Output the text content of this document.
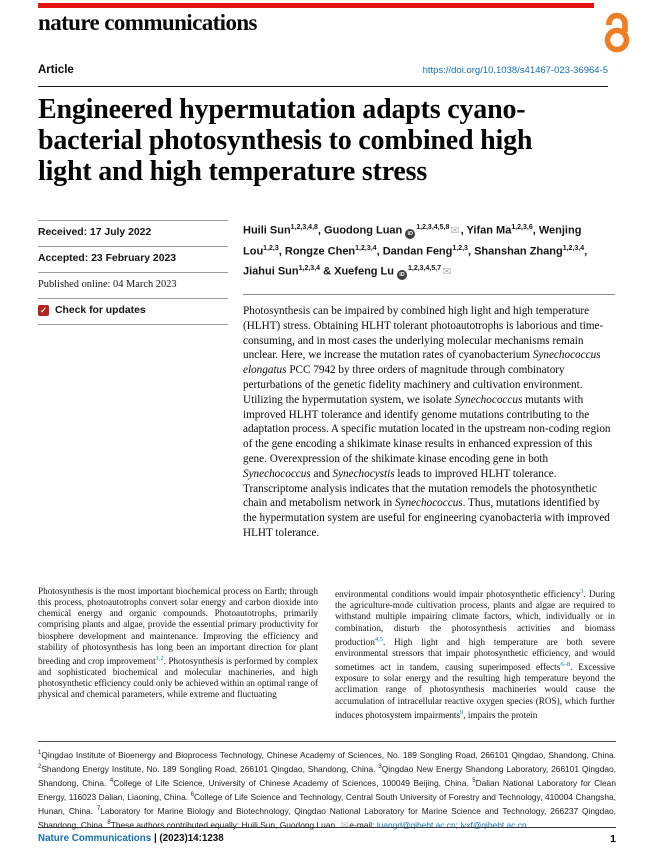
nature communications
Article	https://doi.org/10.1038/s41467-023-36964-5
Engineered hypermutation adapts cyano-
bacterial photosynthesis to combined high
light and high temperature stress
Received: 17 July 2022
Accepted: 23 February 2023
Published online: 04 March 2023
✓ Check for updates
Huili Sun$^{1,2,3,4,8}$, Guodong Luan iD$^{1,2,3,4,5,8}$✉, Yifan Ma$^{1,2,3,6}$, Wenjing Lou$^{1,2,3}$, Rongze Chen$^{1,2,3,4}$, Dandan Feng$^{1,2,3}$, Shanshan Zhang$^{1,2,3,4}$, Jiahui Sun$^{1,2,3,4}$ & Xuefeng Lu iD$^{1,2,3,4,5,7}$✉
Photosynthesis can be impaired by combined high light and high temperature (HLHT) stress. Obtaining HLHT tolerant photoautotrophs is laborious and time-consuming, and in most cases the underlying molecular mechanisms remain unclear. Here, we increase the mutation rates of cyanobacterium Synechococcus elongatus PCC 7942 by three orders of magnitude through combinatory perturbations of the genetic fidelity machinery and cultivation environment. Utilizing the hypermutation system, we isolate Synechococcus mutants with improved HLHT tolerance and identify genome mutations contributing to the adaptation process. A specific mutation located in the upstream non-coding region of the gene encoding a shikimate kinase results in enhanced expression of this gene. Overexpression of the shikimate kinase encoding gene in both Synechococcus and Synechocystis leads to improved HLHT tolerance. Transcriptome analysis indicates that the mutation remodels the photosynthetic chain and metabolism network in Synechococcus. Thus, mutations identified by the hypermutation system are useful for engineering cyanobacteria with improved HLHT tolerance.
Photosynthesis is the most important biochemical process on Earth; through this process, photoautotrophs convert solar energy and carbon dioxide into chemical energy and organic compounds. Photoautotrophs, primarily comprising plants and algae, provide the essential primary productivity for biosphere development and maintenance. Improving the efficiency and stability of photosynthesis has long been an important direction for plant breeding and crop improvement$^{1,2}$. Photosynthesis is performed by complex and sophisticated biochemical and molecular machineries, and high photosynthetic efficiency could only be achieved within an optimal range of physical and chemical parameters, while extreme and fluctuating
environmental conditions would impair photosynthetic efficiency$^3$. During the agriculture-mode cultivation process, plants and algae are required to withstand multiple impairing climate factors, which, individually or in combination, disturb the photosynthesis activities and biomass production$^{4,5}$. High light and high temperature are both severe environmental stressors that impair photosynthetic efficiency, and would sometimes act in tandem, causing superimposed effects$^{6-8}$. Excessive exposure to solar energy and the resulting high temperature beyond the acclimation range of photosynthesis machineries would cause the accumulation of intracellular reactive oxygen species (ROS), which further induces photosystem impairments$^9$, impairs the protein
$^1$Qingdao Institute of Bioenergy and Bioprocess Technology, Chinese Academy of Sciences, No. 189 Songling Road, 266101 Qingdao, Shandong, China. $^2$Shandong Energy Institute, No. 189 Songling Road, 266101 Qingdao, Shandong, China. $^3$Qingdao New Energy Shandong Laboratory, 266101 Qingdao, Shandong, China. $^4$College of Life Science, University of Chinese Academy of Sciences, 100049 Beijing, China. $^5$Dalian National Laboratory for Clean Energy, 116023 Dalian, Liaoning, China. $^6$College of Life Science and Technology, Central South University of Forestry and Technology, 410004 Changsha, Hunan, China. $^7$Laboratory for Marine Biology and Biotechnology, Qingdao National Laboratory for Marine Science and Technology, 266237 Qingdao, Shandong, China. $^8$These authors contributed equally: Huili Sun, Guodong Luan. ✉e-mail: luangd@qibebt.ac.cn; lvxf@qibebt.ac.cn
Nature Communications | (2023)14:1238	1
